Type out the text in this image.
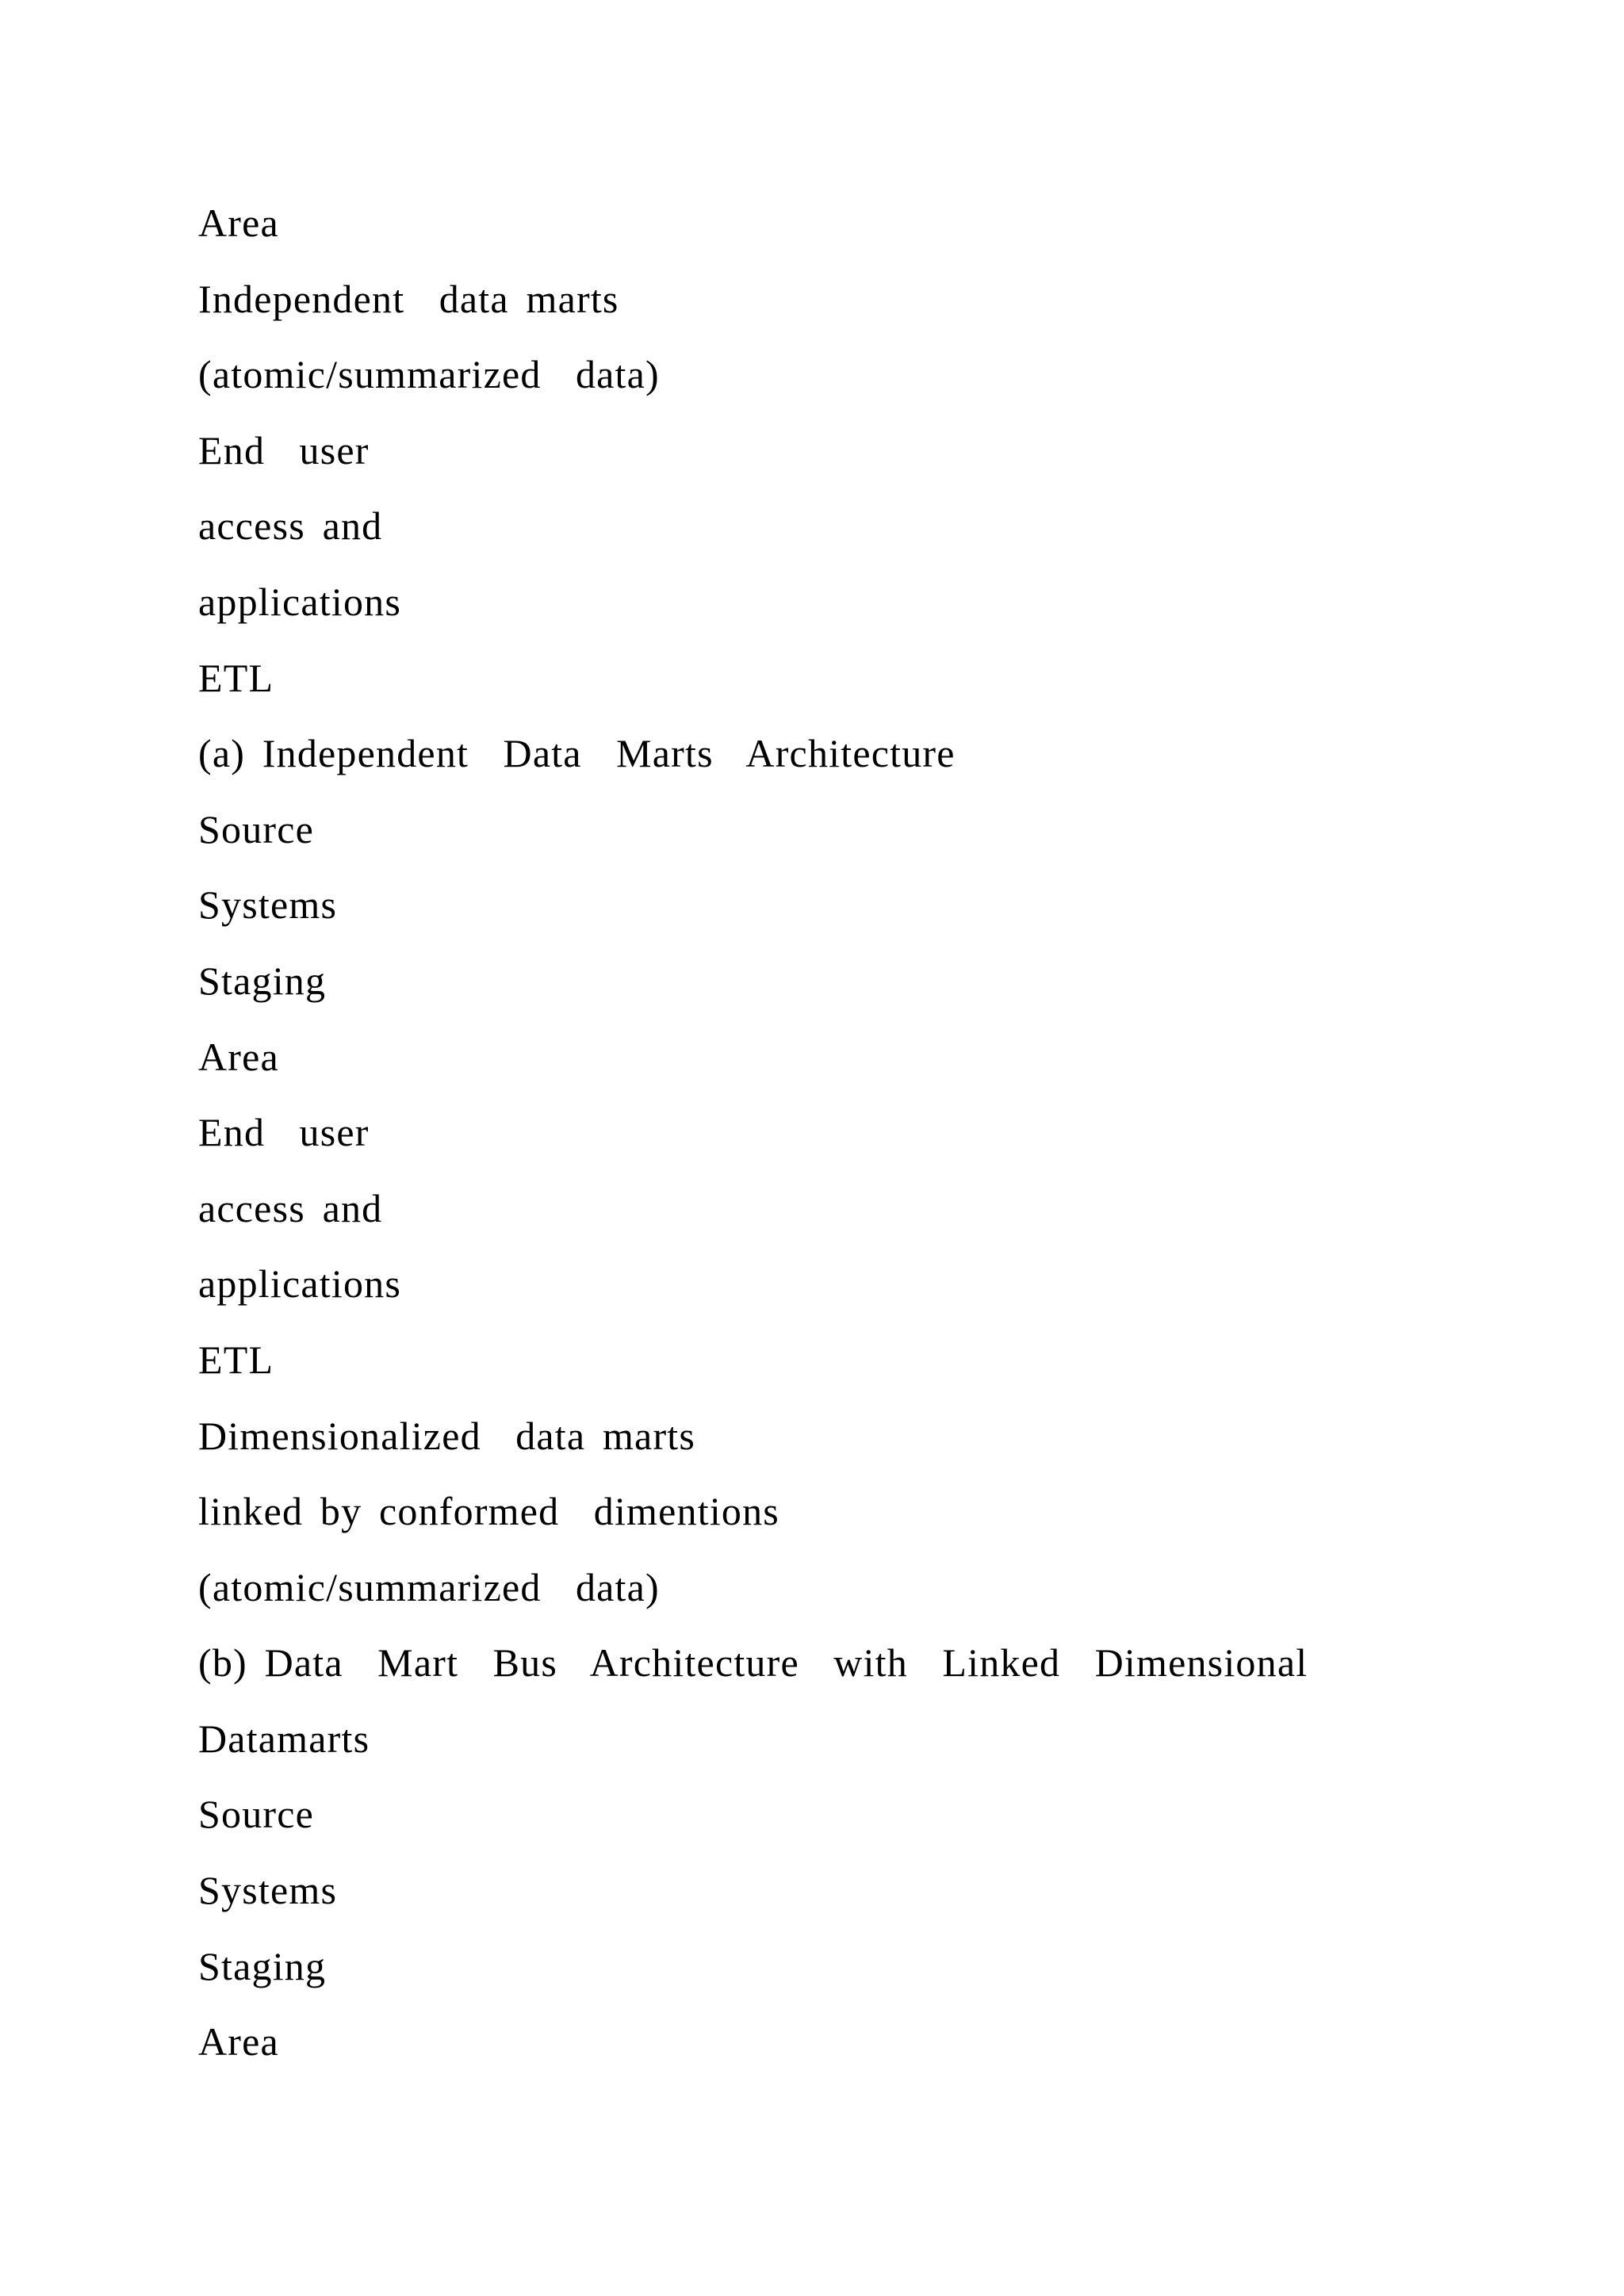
Area
Independent  data marts
(atomic/summarized  data)
End  user
access and
applications
ETL
(a) Independent  Data  Marts  Architecture
Source
Systems
Staging
Area
End  user
access and
applications
ETL
Dimensionalized  data marts
linked by conformed  dimentions
(atomic/summarized  data)
(b) Data  Mart  Bus  Architecture  with  Linked  Dimensional
Datamarts
Source
Systems
Staging
Area
